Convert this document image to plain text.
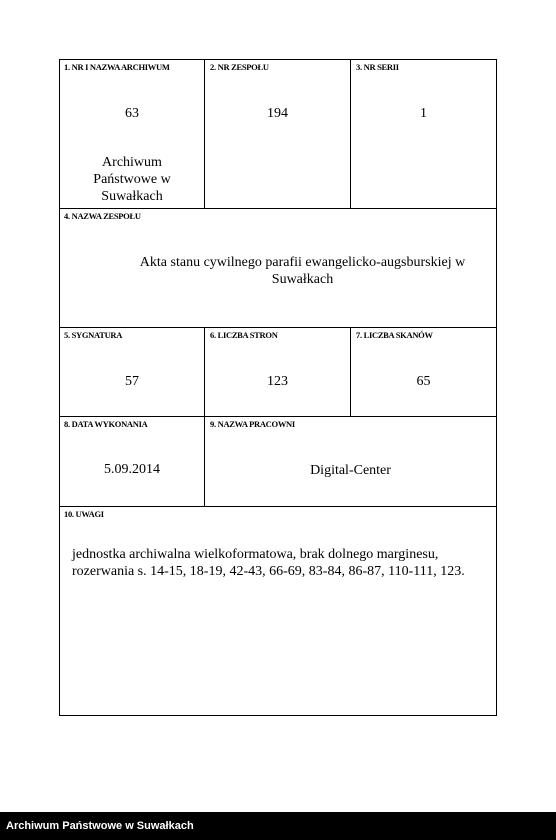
1. NR I NAZWA ARCHIWUM
63
Archiwum Państwowe w Suwałkach
2. NR ZESPOŁU
194
3. NR SERII
1
4. NAZWA ZESPOŁU
Akta stanu cywilnego parafii ewangelicko-augsburskiej w Suwałkach
5. SYGNATURA
57
6. LICZBA STRON
123
7. LICZBA SKANÓW
65
8. DATA WYKONANIA
5.09.2014
9. NAZWA PRACOWNI
Digital-Center
10. UWAGI
jednostka archiwalna wielkoformatowa, brak dolnego marginesu, rozerwania s. 14-15, 18-19, 42-43, 66-69, 83-84, 86-87, 110-111, 123.
Archiwum Państwowe w Suwałkach
